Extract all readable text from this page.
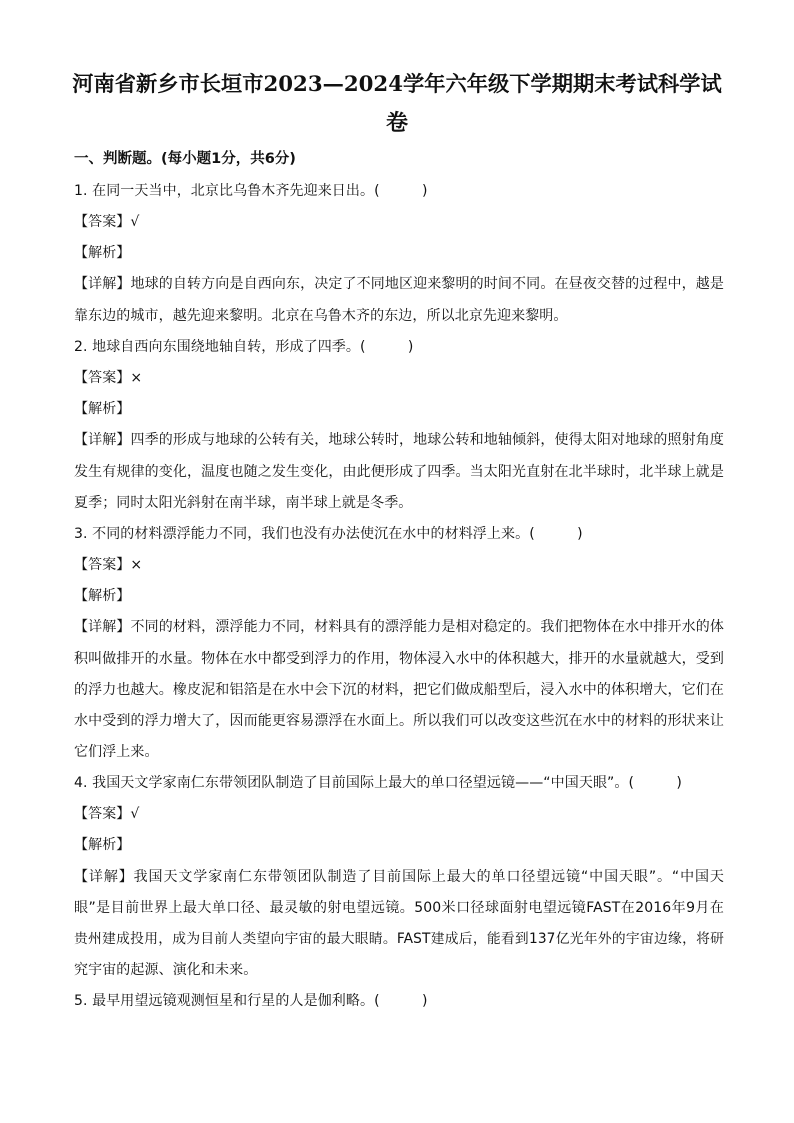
河南省新乡市长垣市2023—2024学年六年级下学期期末考试科学试
卷
一、判断题。(每小题1分，共6分)
1. 在同一天当中，北京比乌鲁木齐先迎来日出。(　　　)
【答案】√
【解析】
【详解】地球的自转方向是自西向东，决定了不同地区迎来黎明的时间不同。在昼夜交替的过程中，越是
靠东边的城市，越先迎来黎明。北京在乌鲁木齐的东边，所以北京先迎来黎明。
2. 地球自西向东围绕地轴自转，形成了四季。(　　　)
【答案】×
【解析】
【详解】四季的形成与地球的公转有关，地球公转时，地球公转和地轴倾斜，使得太阳对地球的照射角度
发生有规律的变化，温度也随之发生变化，由此便形成了四季。当太阳光直射在北半球时，北半球上就是
夏季；同时太阳光斜射在南半球，南半球上就是冬季。
3. 不同的材料漂浮能力不同，我们也没有办法使沉在水中的材料浮上来。(　　　)
【答案】×
【解析】
【详解】不同的材料，漂浮能力不同，材料具有的漂浮能力是相对稳定的。我们把物体在水中排开水的体
积叫做排开的水量。物体在水中都受到浮力的作用，物体浸入水中的体积越大，排开的水量就越大，受到
的浮力也越大。橡皮泥和铝箔是在水中会下沉的材料，把它们做成船型后，浸入水中的体积增大，它们在
水中受到的浮力增大了，因而能更容易漂浮在水面上。所以我们可以改变这些沉在水中的材料的形状来让
它们浮上来。
4. 我国天文学家南仁东带领团队制造了目前国际上最大的单口径望远镜——“中国天眼”。(　　　)
【答案】√
【解析】
【详解】我国天文学家南仁东带领团队制造了目前国际上最大的单口径望远镜“中国天眼”。“中国天
眼”是目前世界上最大单口径、最灵敏的射电望远镜。500米口径球面射电望远镜FAST在2016年9月在
贵州建成投用，成为目前人类望向宇宙的最大眼睛。FAST建成后，能看到137亿光年外的宇宙边缘，将研
究宇宙的起源、演化和未来。
5. 最早用望远镜观测恒星和行星的人是伽利略。(　　　)
